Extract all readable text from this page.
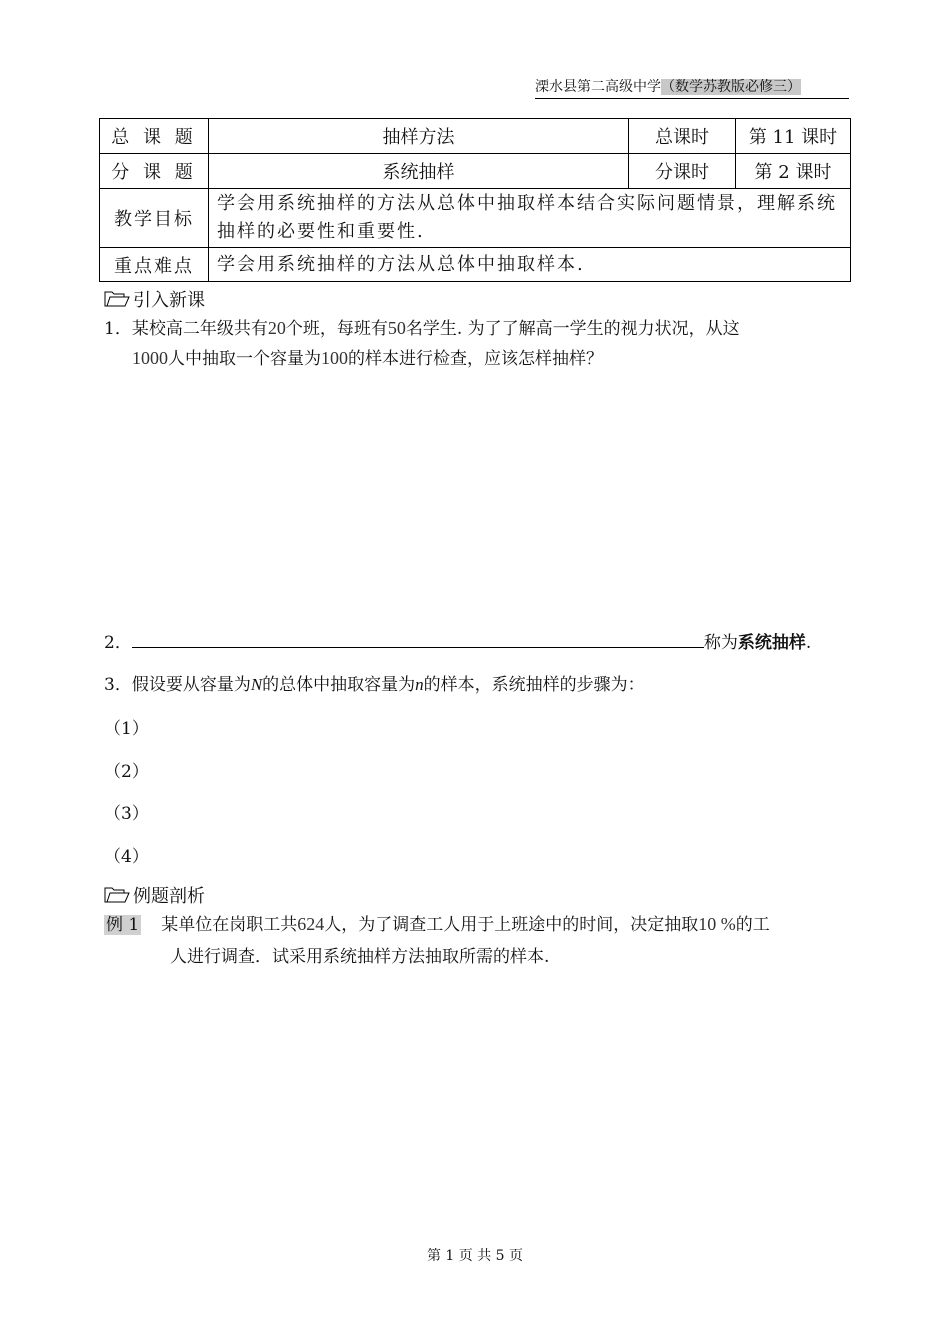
溧水县第二高级中学（数学苏教版必修三）
总 课 题	抽样方法	总课时	第 11 课时
分 课 题	系统抽样	分课时	第 2 课时
教学目标	学会用系统抽样的方法从总体中抽取样本结合实际问题情景，理解系统抽样的必要性和重要性.		
重点难点	学会用系统抽样的方法从总体中抽取样本.		
引入新课
1．某校高二年级共有20个班，每班有50名学生. 为了了解高一学生的视力状况，从这
1000人中抽取一个容量为100的样本进行检查，应该怎样抽样？
2．	称为系统抽样.
3．假设要从容量为N的总体中抽取容量为n的样本，系统抽样的步骤为：
（1）
（2）
（3）
（4）
例题剖析
例 1 某单位在岗职工共624人，为了调查工人用于上班途中的时间，决定抽取10 %的工
人进行调查．试采用系统抽样方法抽取所需的样本.
第 1 页 共 5 页
